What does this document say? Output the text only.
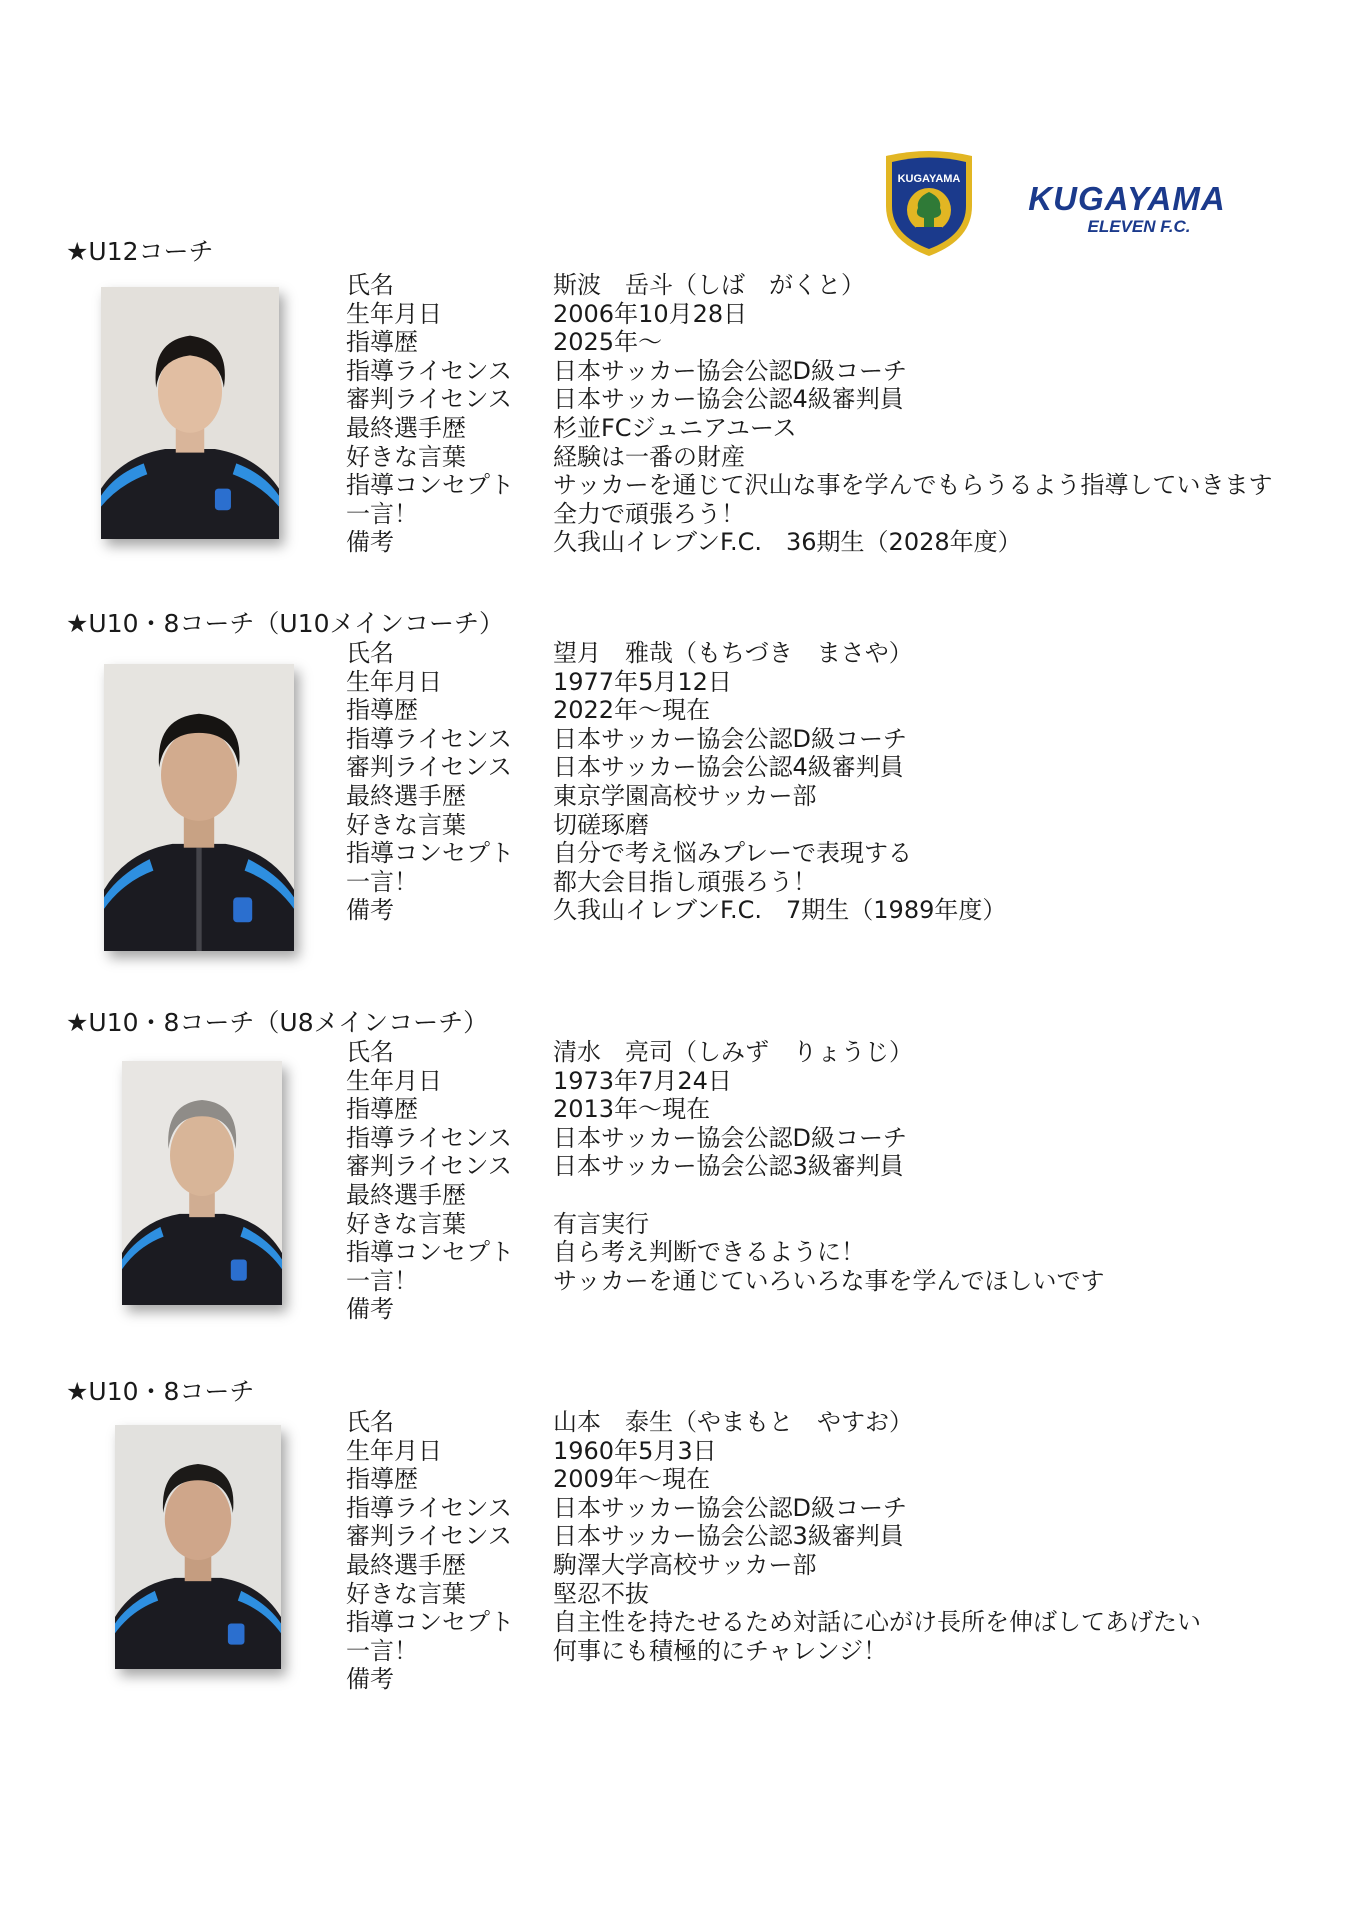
KUGAYAMA
KUGAYAMA
ELEVEN F.C.
★U12コーチ
氏名	斯波　岳斗（しば　がくと）
生年月日	2006年10月28日
指導歴	2025年～
指導ライセンス 日本サッカー協会公認D級コーチ
審判ライセンス 日本サッカー協会公認4級審判員
最終選手歴	杉並FCジュニアユース
好きな言葉	経験は一番の財産
指導コンセプト サッカーを通じて沢山な事を学んでもらうるよう指導していきます
一言！	全力で頑張ろう！
備考	久我山イレブンF.C.　36期生（2028年度）
★U10・8コーチ（U10メインコーチ）
氏名	望月　雅哉（もちづき　まさや）
生年月日	1977年5月12日
指導歴	2022年～現在
指導ライセンス 日本サッカー協会公認D級コーチ
審判ライセンス 日本サッカー協会公認4級審判員
最終選手歴	東京学園高校サッカー部
好きな言葉	切磋琢磨
指導コンセプト 自分で考え悩みプレーで表現する
一言！	都大会目指し頑張ろう！
備考	久我山イレブンF.C.　7期生（1989年度）
★U10・8コーチ（U8メインコーチ）
氏名	清水　亮司（しみず　りょうじ）
生年月日	1973年7月24日
指導歴	2013年～現在
指導ライセンス 日本サッカー協会公認D級コーチ
審判ライセンス 日本サッカー協会公認3級審判員
最終選手歴
好きな言葉	有言実行
指導コンセプト 自ら考え判断できるように！
一言！	サッカーを通じていろいろな事を学んでほしいです
備考
★U10・8コーチ
氏名	山本　泰生（やまもと　やすお）
生年月日	1960年5月3日
指導歴	2009年～現在
指導ライセンス 日本サッカー協会公認D級コーチ
審判ライセンス 日本サッカー協会公認3級審判員
最終選手歴	駒澤大学高校サッカー部
好きな言葉	堅忍不抜
指導コンセプト 自主性を持たせるため対話に心がけ長所を伸ばしてあげたい
一言！	何事にも積極的にチャレンジ！
備考
